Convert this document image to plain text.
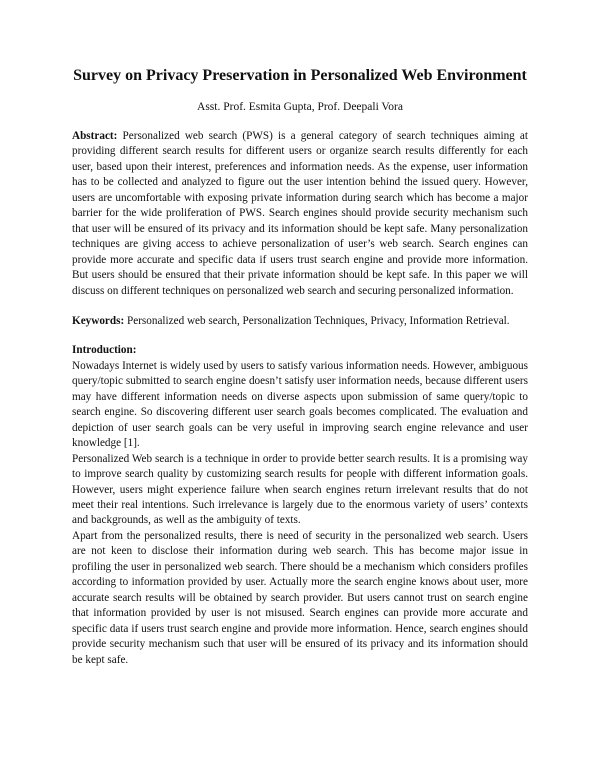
Survey on Privacy Preservation in Personalized Web Environment

Asst. Prof. Esmita Gupta, Prof. Deepali Vora

Abstract: Personalized web search (PWS) is a general category of search techniques aiming at providing different search results for different users or organize search results differently for each user, based upon their interest, preferences and information needs. As the expense, user information has to be collected and analyzed to figure out the user intention behind the issued query. However, users are uncomfortable with exposing private information during search which has become a major barrier for the wide proliferation of PWS. Search engines should provide security mechanism such that user will be ensured of its privacy and its information should be kept safe. Many personalization techniques are giving access to achieve personalization of user’s web search. Search engines can provide more accurate and specific data if users trust search engine and provide more information. But users should be ensured that their private information should be kept safe. In this paper we will discuss on different techniques on personalized web search and securing personalized information.

Keywords: Personalized web search, Personalization Techniques, Privacy, Information Retrieval.

Introduction:

Nowadays Internet is widely used by users to satisfy various information needs. However, ambiguous query/topic submitted to search engine doesn’t satisfy user information needs, because different users may have different information needs on diverse aspects upon submission of same query/topic to search engine. So discovering different user search goals becomes complicated. The evaluation and depiction of user search goals can be very useful in improving search engine relevance and user knowledge [1].

Personalized Web search is a technique in order to provide better search results. It is a promising way to improve search quality by customizing search results for people with different information goals. However, users might experience failure when search engines return irrelevant results that do not meet their real intentions. Such irrelevance is largely due to the enormous variety of users’ contexts and backgrounds, as well as the ambiguity of texts.

Apart from the personalized results, there is need of security in the personalized web search. Users are not keen to disclose their information during web search. This has become major issue in profiling the user in personalized web search. There should be a mechanism which considers profiles according to information provided by user. Actually more the search engine knows about user, more accurate search results will be obtained by search provider. But users cannot trust on search engine that information provided by user is not misused. Search engines can provide more accurate and specific data if users trust search engine and provide more information. Hence, search engines should provide security mechanism such that user will be ensured of its privacy and its information should be kept safe.
